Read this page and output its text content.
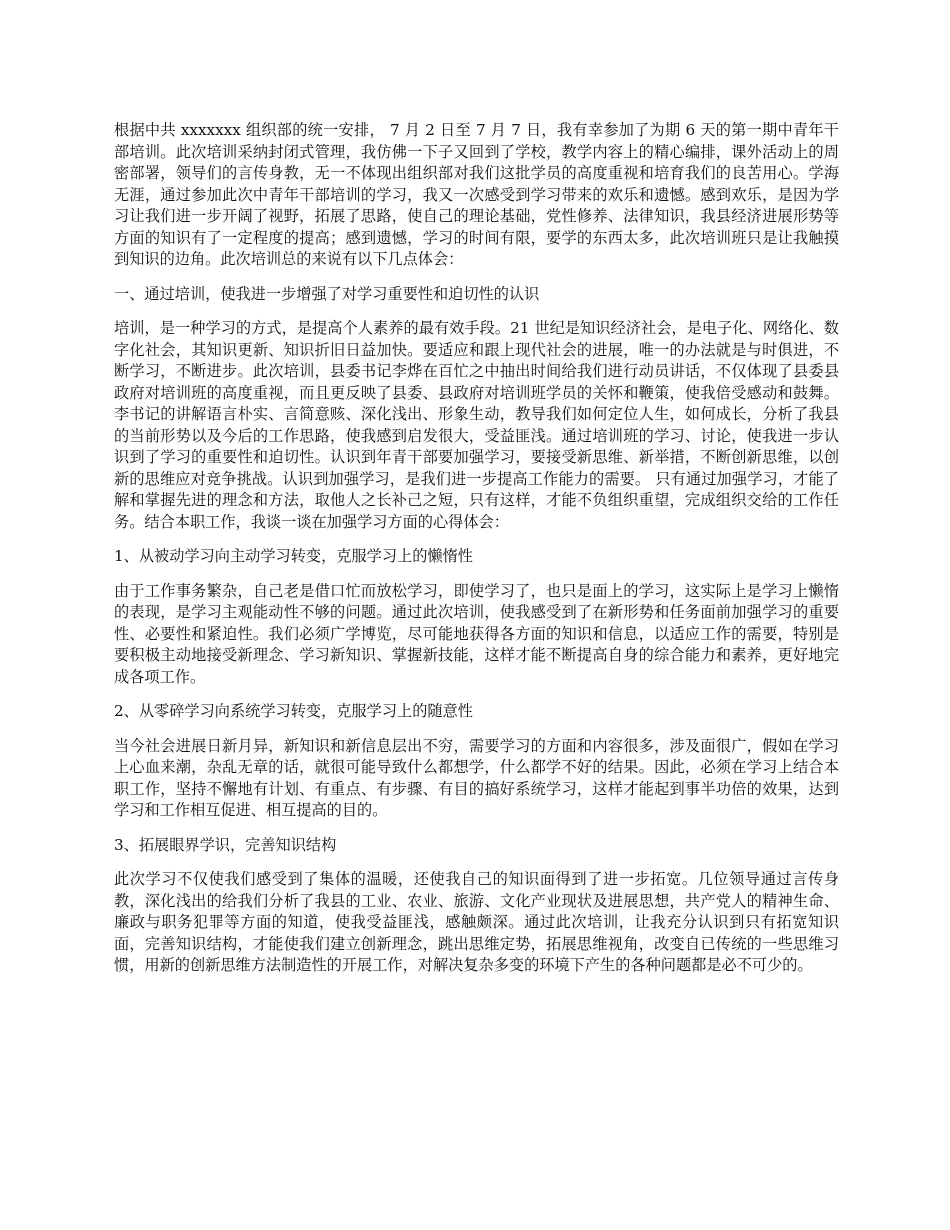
根据中共 xxxxxxx 组织部的统一安排， 7 月 2 日至 7 月 7 日，我有幸参加了为期 6 天的第一期中青年干部培训。此次培训采纳封闭式管理，我仿佛一下子又回到了学校，教学内容上的精心编排，课外活动上的周密部署，领导们的言传身教，无一不体现出组织部对我们这批学员的高度重视和培育我们的良苦用心。学海无涯，通过参加此次中青年干部培训的学习，我又一次感受到学习带来的欢乐和遗憾。感到欢乐，是因为学习让我们进一步开阔了视野，拓展了思路，使自己的理论基础，党性修养、法律知识，我县经济进展形势等方面的知识有了一定程度的提高；感到遗憾，学习的时间有限，要学的东西太多，此次培训班只是让我触摸到知识的边角。此次培训总的来说有以下几点体会：

一、通过培训，使我进一步增强了对学习重要性和迫切性的认识

培训，是一种学习的方式，是提高个人素养的最有效手段。21 世纪是知识经济社会，是电子化、网络化、数字化社会，其知识更新、知识折旧日益加快。要适应和跟上现代社会的进展，唯一的办法就是与时俱进，不断学习，不断进步。此次培训，县委书记李烨在百忙之中抽出时间给我们进行动员讲话，不仅体现了县委县政府对培训班的高度重视，而且更反映了县委、县政府对培训班学员的关怀和鞭策，使我倍受感动和鼓舞。李书记的讲解语言朴实、言简意赅、深化浅出、形象生动，教导我们如何定位人生，如何成长，分析了我县的当前形势以及今后的工作思路，使我感到启发很大，受益匪浅。通过培训班的学习、讨论，使我进一步认识到了学习的重要性和迫切性。认识到年青干部要加强学习，要接受新思维、新举措，不断创新思维，以创新的思维应对竞争挑战。认识到加强学习，是我们进一步提高工作能力的需要。 只有通过加强学习，才能了解和掌握先进的理念和方法，取他人之长补己之短，只有这样，才能不负组织重望，完成组织交给的工作任务。结合本职工作，我谈一谈在加强学习方面的心得体会：

1、从被动学习向主动学习转变，克服学习上的懒惰性

由于工作事务繁杂，自己老是借口忙而放松学习，即使学习了，也只是面上的学习，这实际上是学习上懒惰的表现，是学习主观能动性不够的问题。通过此次培训，使我感受到了在新形势和任务面前加强学习的重要性、必要性和紧迫性。我们必须广学博览，尽可能地获得各方面的知识和信息，以适应工作的需要，特别是要积极主动地接受新理念、学习新知识、掌握新技能，这样才能不断提高自身的综合能力和素养，更好地完成各项工作。

2、从零碎学习向系统学习转变，克服学习上的随意性

当今社会进展日新月异，新知识和新信息层出不穷，需要学习的方面和内容很多，涉及面很广，假如在学习上心血来潮，杂乱无章的话，就很可能导致什么都想学，什么都学不好的结果。因此，必须在学习上结合本职工作，坚持不懈地有计划、有重点、有步骤、有目的搞好系统学习，这样才能起到事半功倍的效果，达到学习和工作相互促进、相互提高的目的。

3、拓展眼界学识，完善知识结构

此次学习不仅使我们感受到了集体的温暖，还使我自己的知识面得到了进一步拓宽。几位领导通过言传身教，深化浅出的给我们分析了我县的工业、农业、旅游、文化产业现状及进展思想，共产党人的精神生命、廉政与职务犯罪等方面的知道，使我受益匪浅，感触颇深。通过此次培训，让我充分认识到只有拓宽知识面，完善知识结构，才能使我们建立创新理念，跳出思维定势，拓展思维视角，改变自已传统的一些思维习惯，用新的创新思维方法制造性的开展工作，对解决复杂多变的环境下产生的各种问题都是必不可少的。
